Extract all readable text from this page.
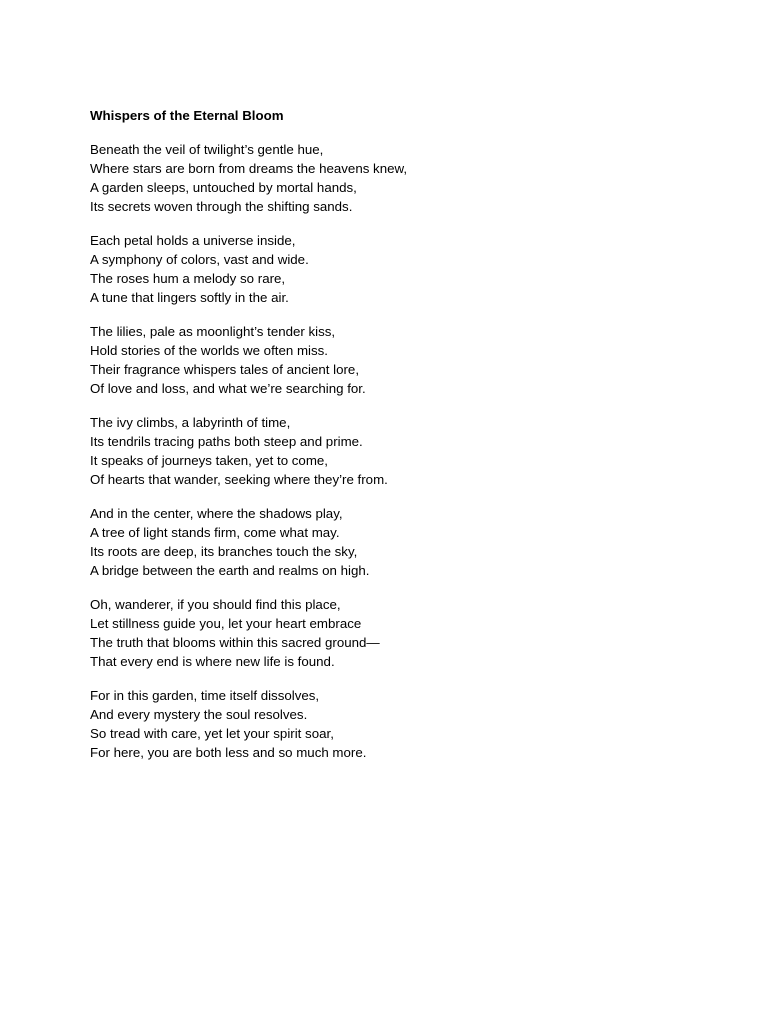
Whispers of the Eternal Bloom
Beneath the veil of twilight’s gentle hue,
Where stars are born from dreams the heavens knew,
A garden sleeps, untouched by mortal hands,
Its secrets woven through the shifting sands.
Each petal holds a universe inside,
A symphony of colors, vast and wide.
The roses hum a melody so rare,
A tune that lingers softly in the air.
The lilies, pale as moonlight’s tender kiss,
Hold stories of the worlds we often miss.
Their fragrance whispers tales of ancient lore,
Of love and loss, and what we’re searching for.
The ivy climbs, a labyrinth of time,
Its tendrils tracing paths both steep and prime.
It speaks of journeys taken, yet to come,
Of hearts that wander, seeking where they’re from.
And in the center, where the shadows play,
A tree of light stands firm, come what may.
Its roots are deep, its branches touch the sky,
A bridge between the earth and realms on high.
Oh, wanderer, if you should find this place,
Let stillness guide you, let your heart embrace
The truth that blooms within this sacred ground—
That every end is where new life is found.
For in this garden, time itself dissolves,
And every mystery the soul resolves.
So tread with care, yet let your spirit soar,
For here, you are both less and so much more.
